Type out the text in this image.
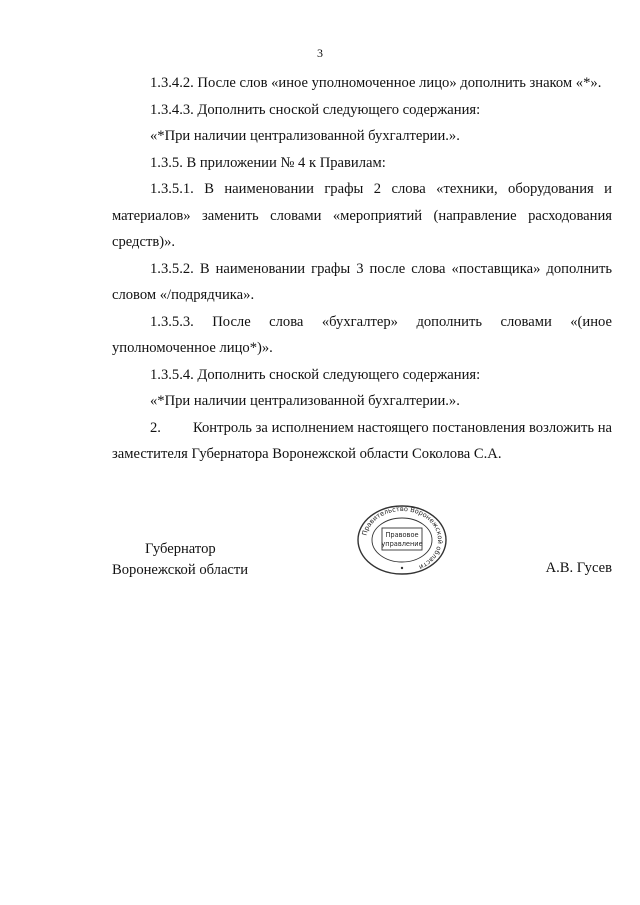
3

1.3.4.2. После слов «иное уполномоченное лицо» дополнить знаком «*».

1.3.4.3. Дополнить сноской следующего содержания:

«*При наличии централизованной бухгалтерии.».

1.3.5. В приложении № 4 к Правилам:

1.3.5.1. В наименовании графы 2 слова «техники, оборудования и материалов» заменить словами «мероприятий (направление расходования средств)».

1.3.5.2. В наименовании графы 3 после слова «поставщика» дополнить словом «/подрядчика».

1.3.5.3. После слова «бухгалтер» дополнить словами «(иное уполномоченное лицо*)».

1.3.5.4. Дополнить сноской следующего содержания:

«*При наличии централизованной бухгалтерии.».

2. Контроль за исполнением настоящего постановления возложить на заместителя Губернатора Воронежской области Соколова С.А.

Губернатор
Воронежской области
Правительство Воронежской области
Правовое
управление
А.В. Гусев
